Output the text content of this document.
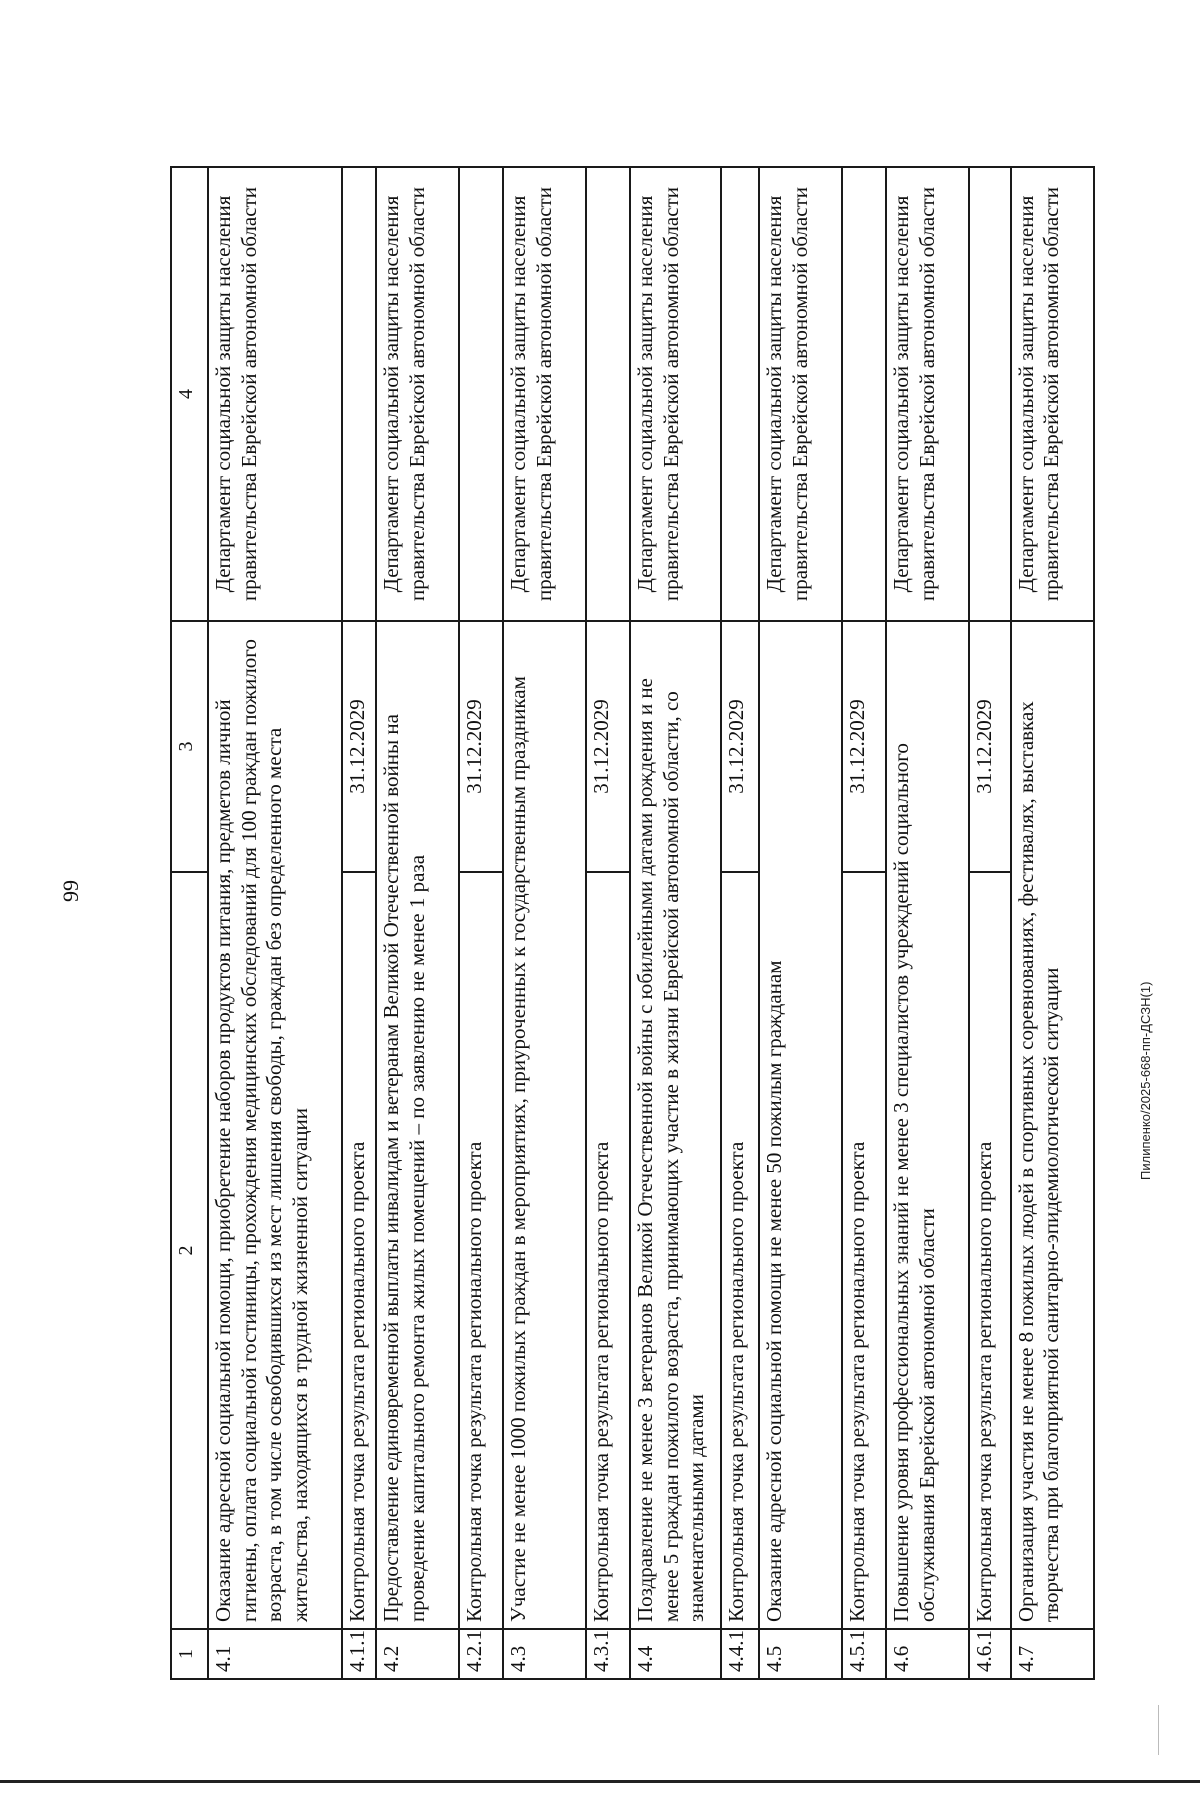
99
1	2	3	4
4.1	Оказание адресной социальной помощи, приобретение наборов продуктов питания, предметов личной гигиены, оплата социальной гостиницы, прохождения медицинских обследований для 100 граждан пожилого возраста, в том числе освободившихся из мест лишения свободы, граждан без определенного места жительства, находящихся в трудной жизненной ситуации		Департамент социальной защиты населения правительства Еврейской автономной области
4.1.1	Контрольная точка результата регионального проекта	31.12.2029	
4.2	Предоставление единовременной выплаты инвалидам и ветеранам Великой Отечественной войны на проведение капитального ремонта жилых помещений – по заявлению не менее 1 раза		Департамент социальной защиты населения правительства Еврейской автономной области
4.2.1	Контрольная точка результата регионального проекта	31.12.2029	
4.3	Участие не менее 1000 пожилых граждан в мероприятиях, приуроченных к государственным праздникам		Департамент социальной защиты населения правительства Еврейской автономной области
4.3.1	Контрольная точка результата регионального проекта	31.12.2029	
4.4	Поздравление не менее 3 ветеранов Великой Отечественной войны с юбилейными датами рождения и не менее 5 граждан пожилого возраста, принимающих участие в жизни Еврейской автономной области, со знаменательными датами		Департамент социальной защиты населения правительства Еврейской автономной области
4.4.1	Контрольная точка результата регионального проекта	31.12.2029	
4.5	Оказание адресной социальной помощи не менее 50 пожилым гражданам		Департамент социальной защиты населения правительства Еврейской автономной области
4.5.1	Контрольная точка результата регионального проекта	31.12.2029	
4.6	Повышение уровня профессиональных знаний не менее 3 специалистов учреждений социального обслуживания Еврейской автономной области		Департамент социальной защиты населения правительства Еврейской автономной области
4.6.1	Контрольная точка результата регионального проекта	31.12.2029	
4.7	Организация участия не менее 8 пожилых людей в спортивных соревнованиях, фестивалях, выставках творчества при благоприятной санитарно-эпидемиологической ситуации		Департамент социальной защиты населения правительства Еврейской автономной области
Пилипенко/2025-668-пп-ДСЗН(1)
